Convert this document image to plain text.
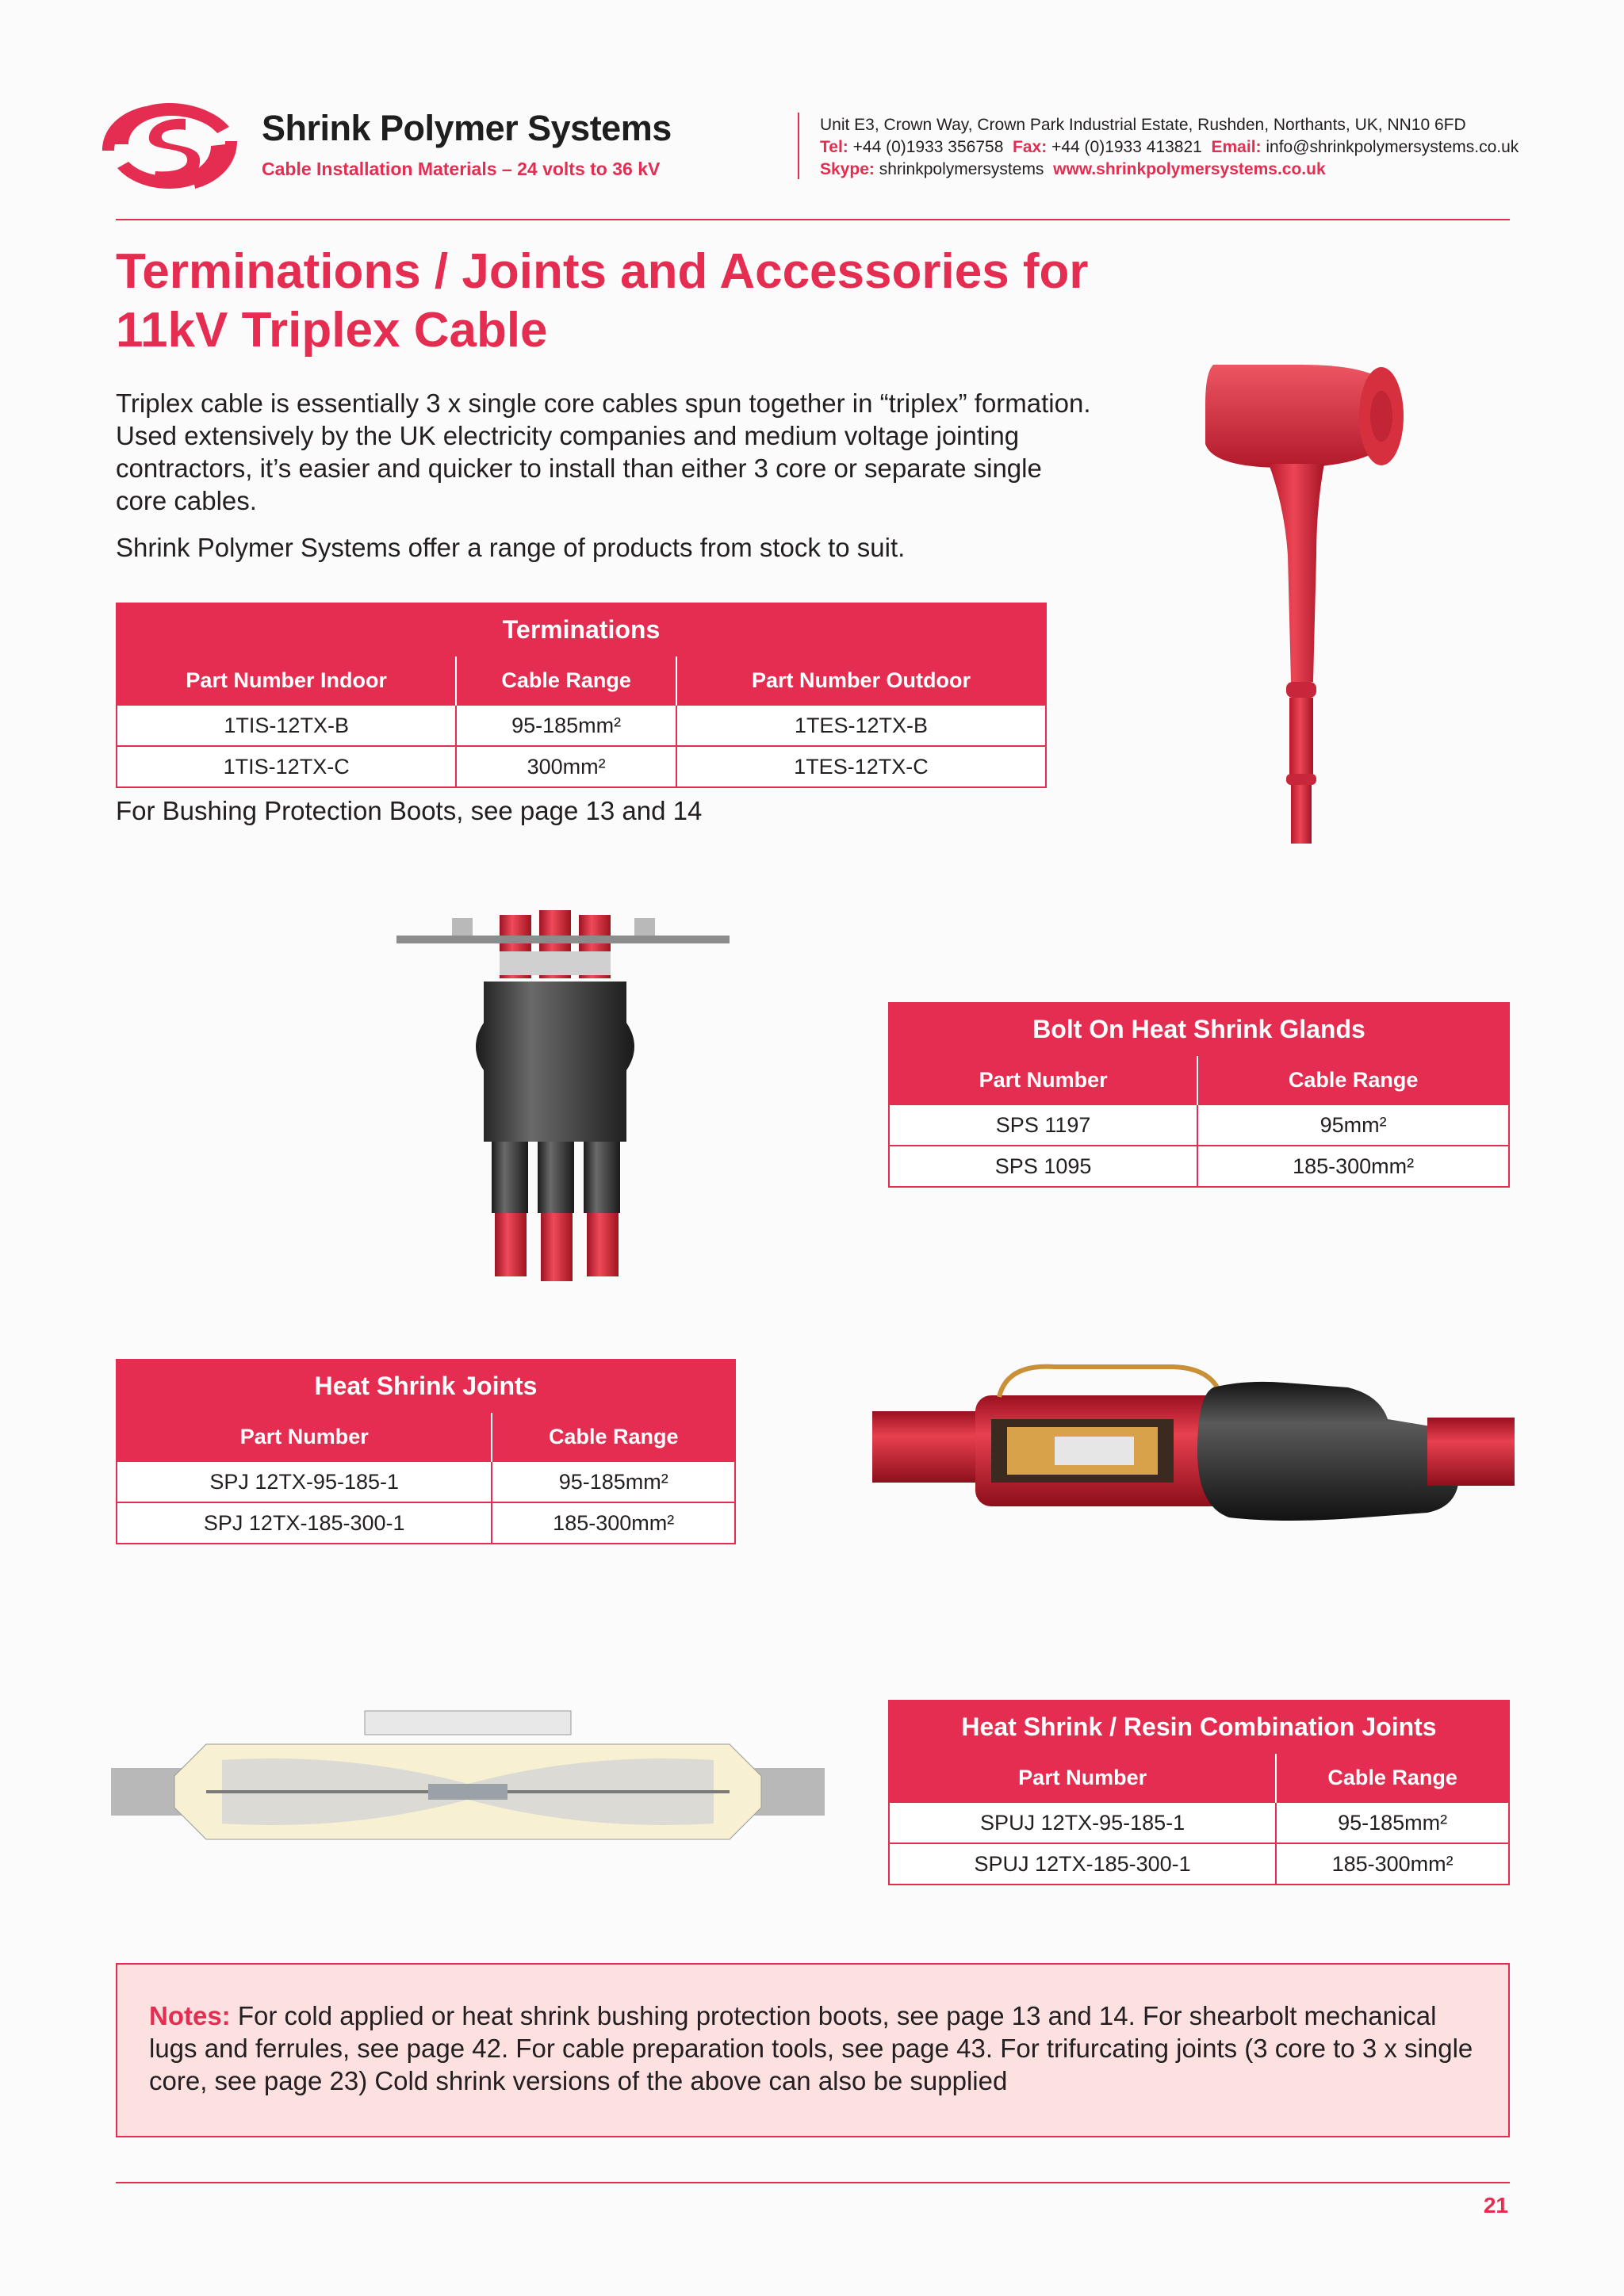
Shrink Polymer Systems
Cable Installation Materials – 24 volts to 36 kV
Unit E3, Crown Way, Crown Park Industrial Estate, Rushden, Northants, UK, NN10 6FD
Tel: +44 (0)1933 356758 Fax: +44 (0)1933 413821 Email: info@shrinkpolymersystems.co.uk
Skype: shrinkpolymersystems www.shrinkpolymersystems.co.uk
Terminations / Joints and Accessories for
11kV Triplex Cable

Triplex cable is essentially 3 x single core cables spun together in “triplex” formation. Used extensively by the UK electricity companies and medium voltage jointing contractors, it’s easier and quicker to install than either 3 core or separate single core cables.

Shrink Polymer Systems offer a range of products from stock to suit.

Terminations		
Part Number Indoor	Cable Range	Part Number Outdoor
1TIS-12TX-B	95-185mm²	1TES-12TX-B
1TIS-12TX-C	300mm²	1TES-12TX-C
For Bushing Protection Boots, see page 13 and 14
Bolt On Heat Shrink Glands	
Part Number	Cable Range
SPS 1197	95mm²
SPS 1095	185-300mm²
Heat Shrink Joints	
Part Number	Cable Range
SPJ 12TX-95-185-1	95-185mm²
SPJ 12TX-185-300-1	185-300mm²
Heat Shrink / Resin Combination Joints	
Part Number	Cable Range
SPUJ 12TX-95-185-1	95-185mm²
SPUJ 12TX-185-300-1	185-300mm²
Notes: For cold applied or heat shrink bushing protection boots, see page 13 and 14. For shearbolt mechanical lugs and ferrules, see page 42. For cable preparation tools, see page 43. For trifurcating joints (3 core to 3 x single core, see page 23) Cold shrink versions of the above can also be supplied
21
